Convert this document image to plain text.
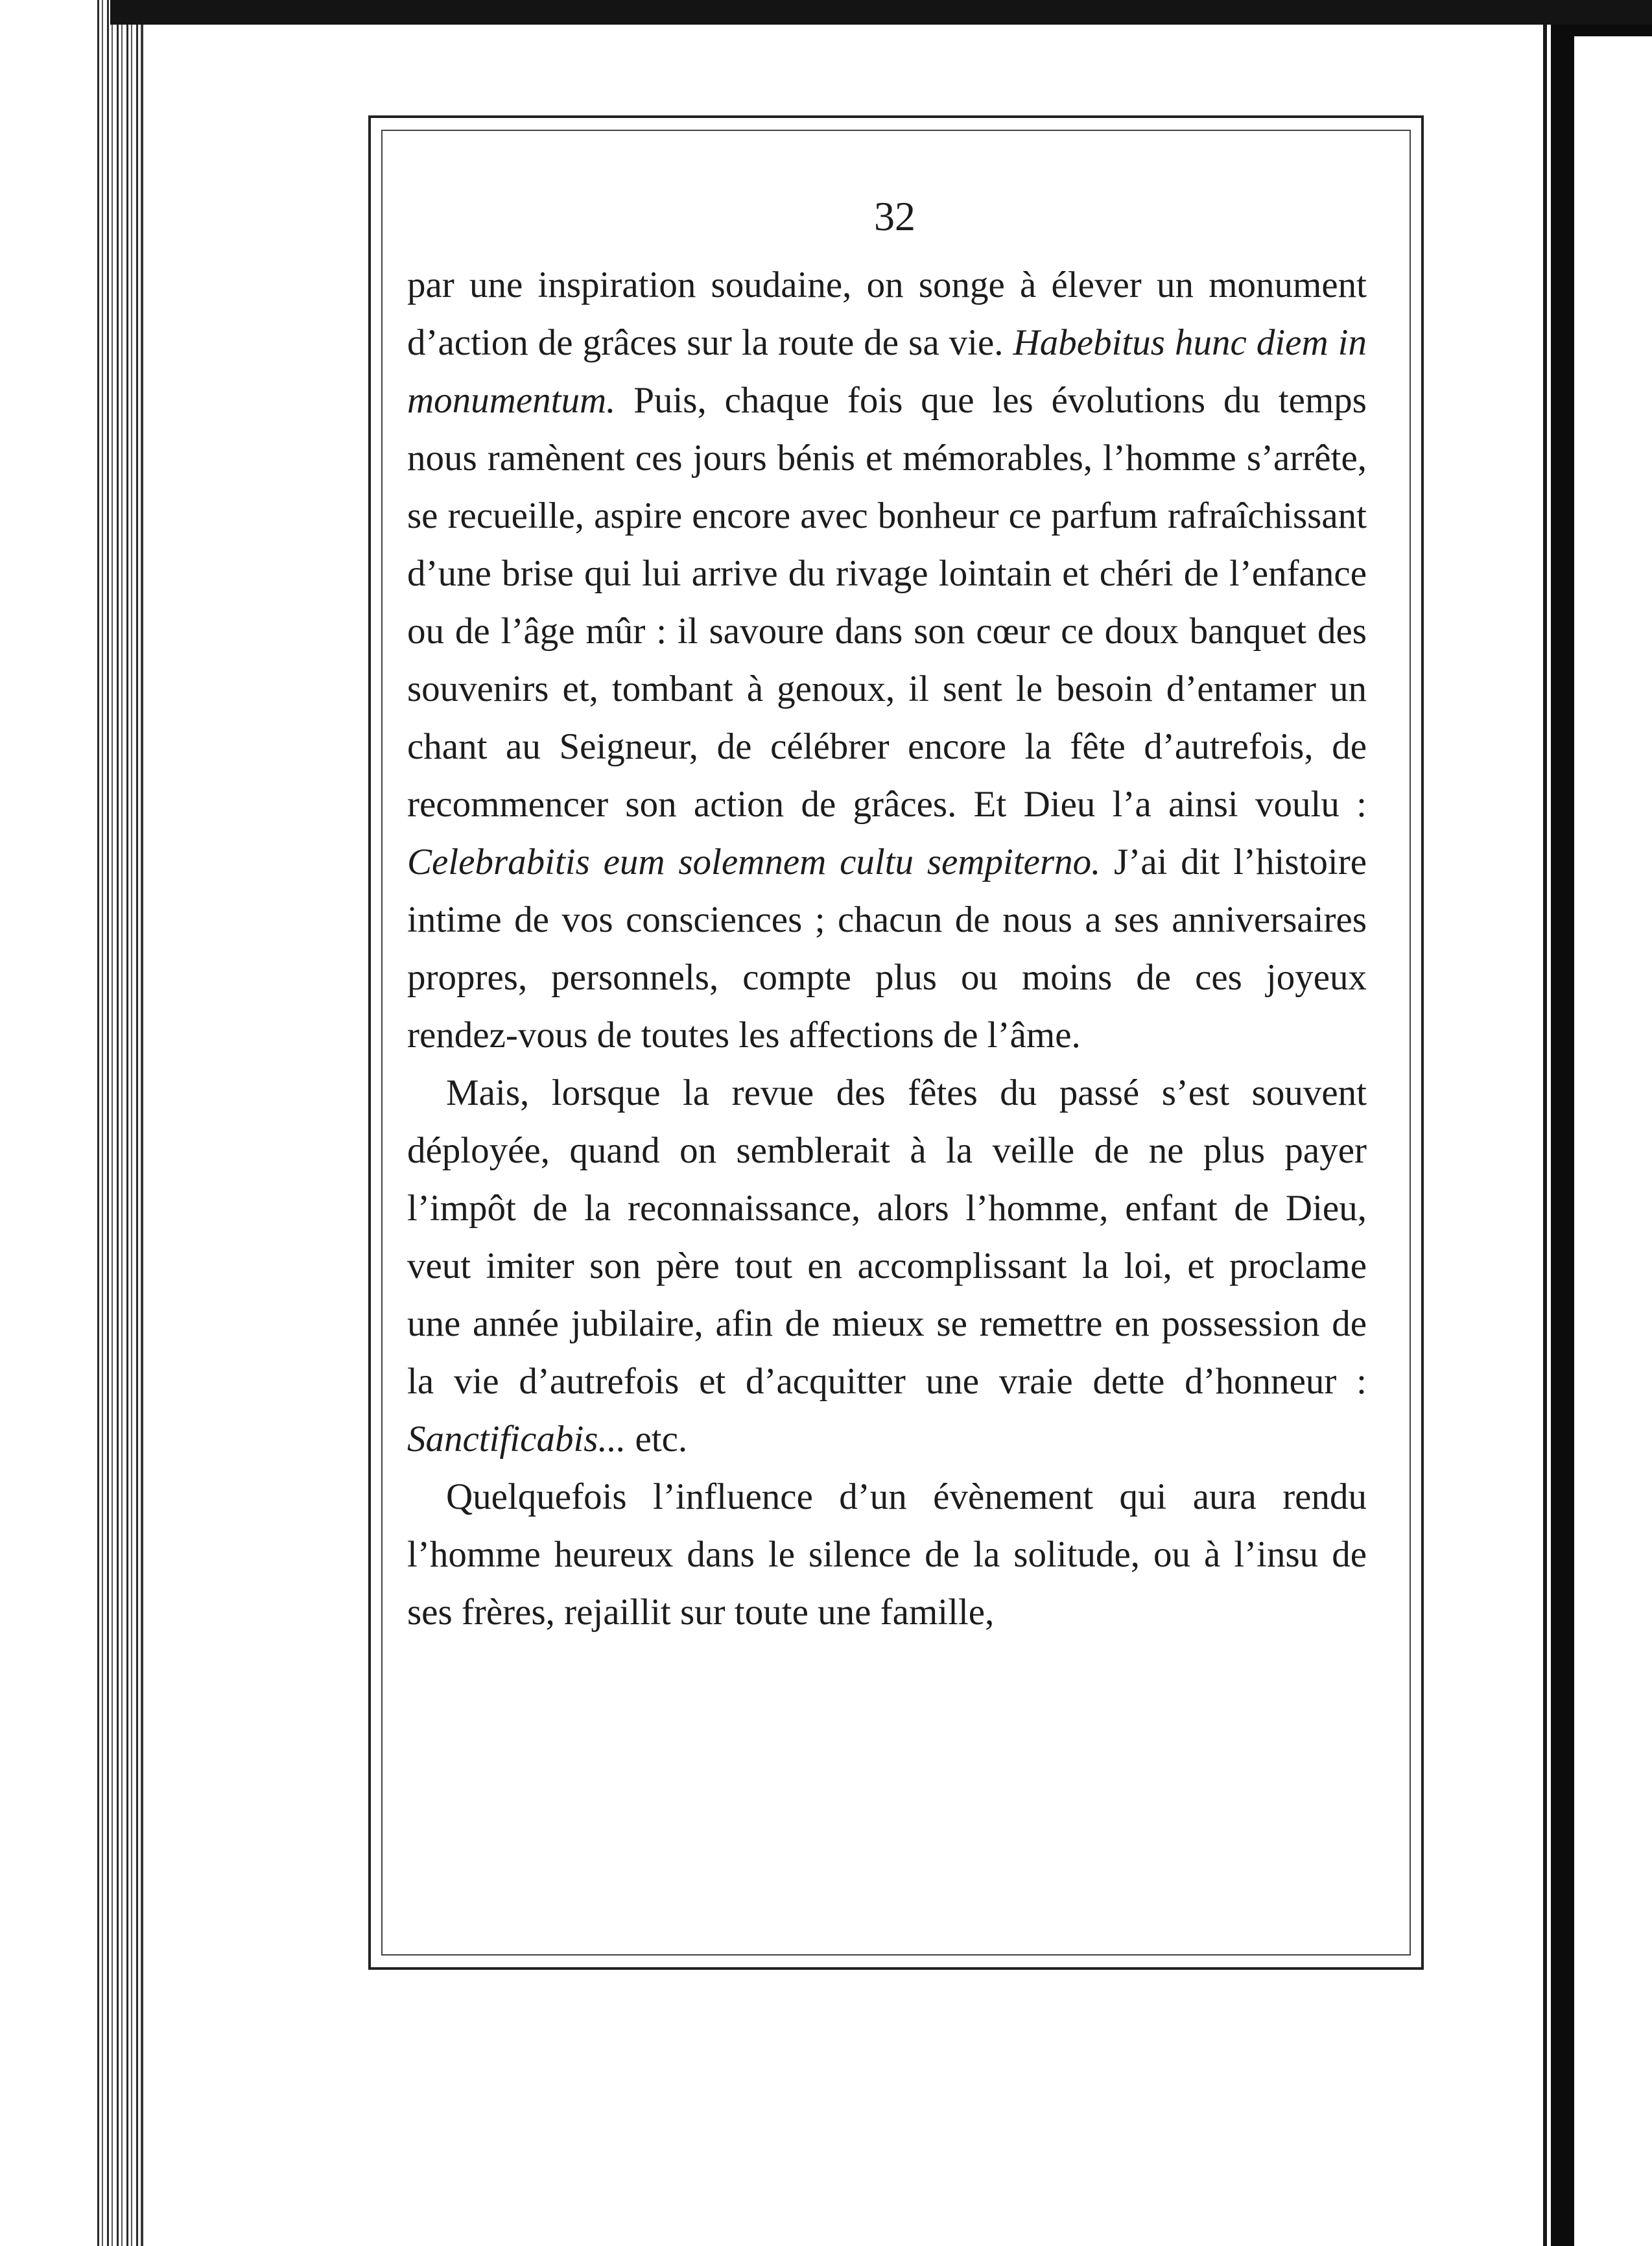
32

par une inspiration soudaine, on songe à élever un monument d’action de grâces sur la route de sa vie. Habebitus hunc diem in monumentum. Puis, chaque fois que les évolutions du temps nous ramènent ces jours bénis et mémorables, l’homme s’arrête, se recueille, aspire encore avec bonheur ce parfum rafraîchissant d’une brise qui lui arrive du rivage lointain et chéri de l’enfance ou de l’âge mûr : il savoure dans son cœur ce doux banquet des souvenirs et, tombant à genoux, il sent le besoin d’entamer un chant au Seigneur, de célébrer encore la fête d’autrefois, de recommencer son action de grâces. Et Dieu l’a ainsi voulu : Celebrabitis eum solemnem cultu sempiterno. J’ai dit l’histoire intime de vos consciences ; chacun de nous a ses anniversaires propres, personnels, compte plus ou moins de ces joyeux rendez-vous de toutes les affections de l’âme.

Mais, lorsque la revue des fêtes du passé s’est souvent déployée, quand on semblerait à la veille de ne plus payer l’impôt de la reconnaissance, alors l’homme, enfant de Dieu, veut imiter son père tout en accomplissant la loi, et proclame une année jubilaire, afin de mieux se remettre en possession de la vie d’autrefois et d’acquitter une vraie dette d’honneur : Sanctificabis... etc.

Quelquefois l’influence d’un évènement qui aura rendu l’homme heureux dans le silence de la solitude, ou à l’insu de ses frères, rejaillit sur toute une famille,
